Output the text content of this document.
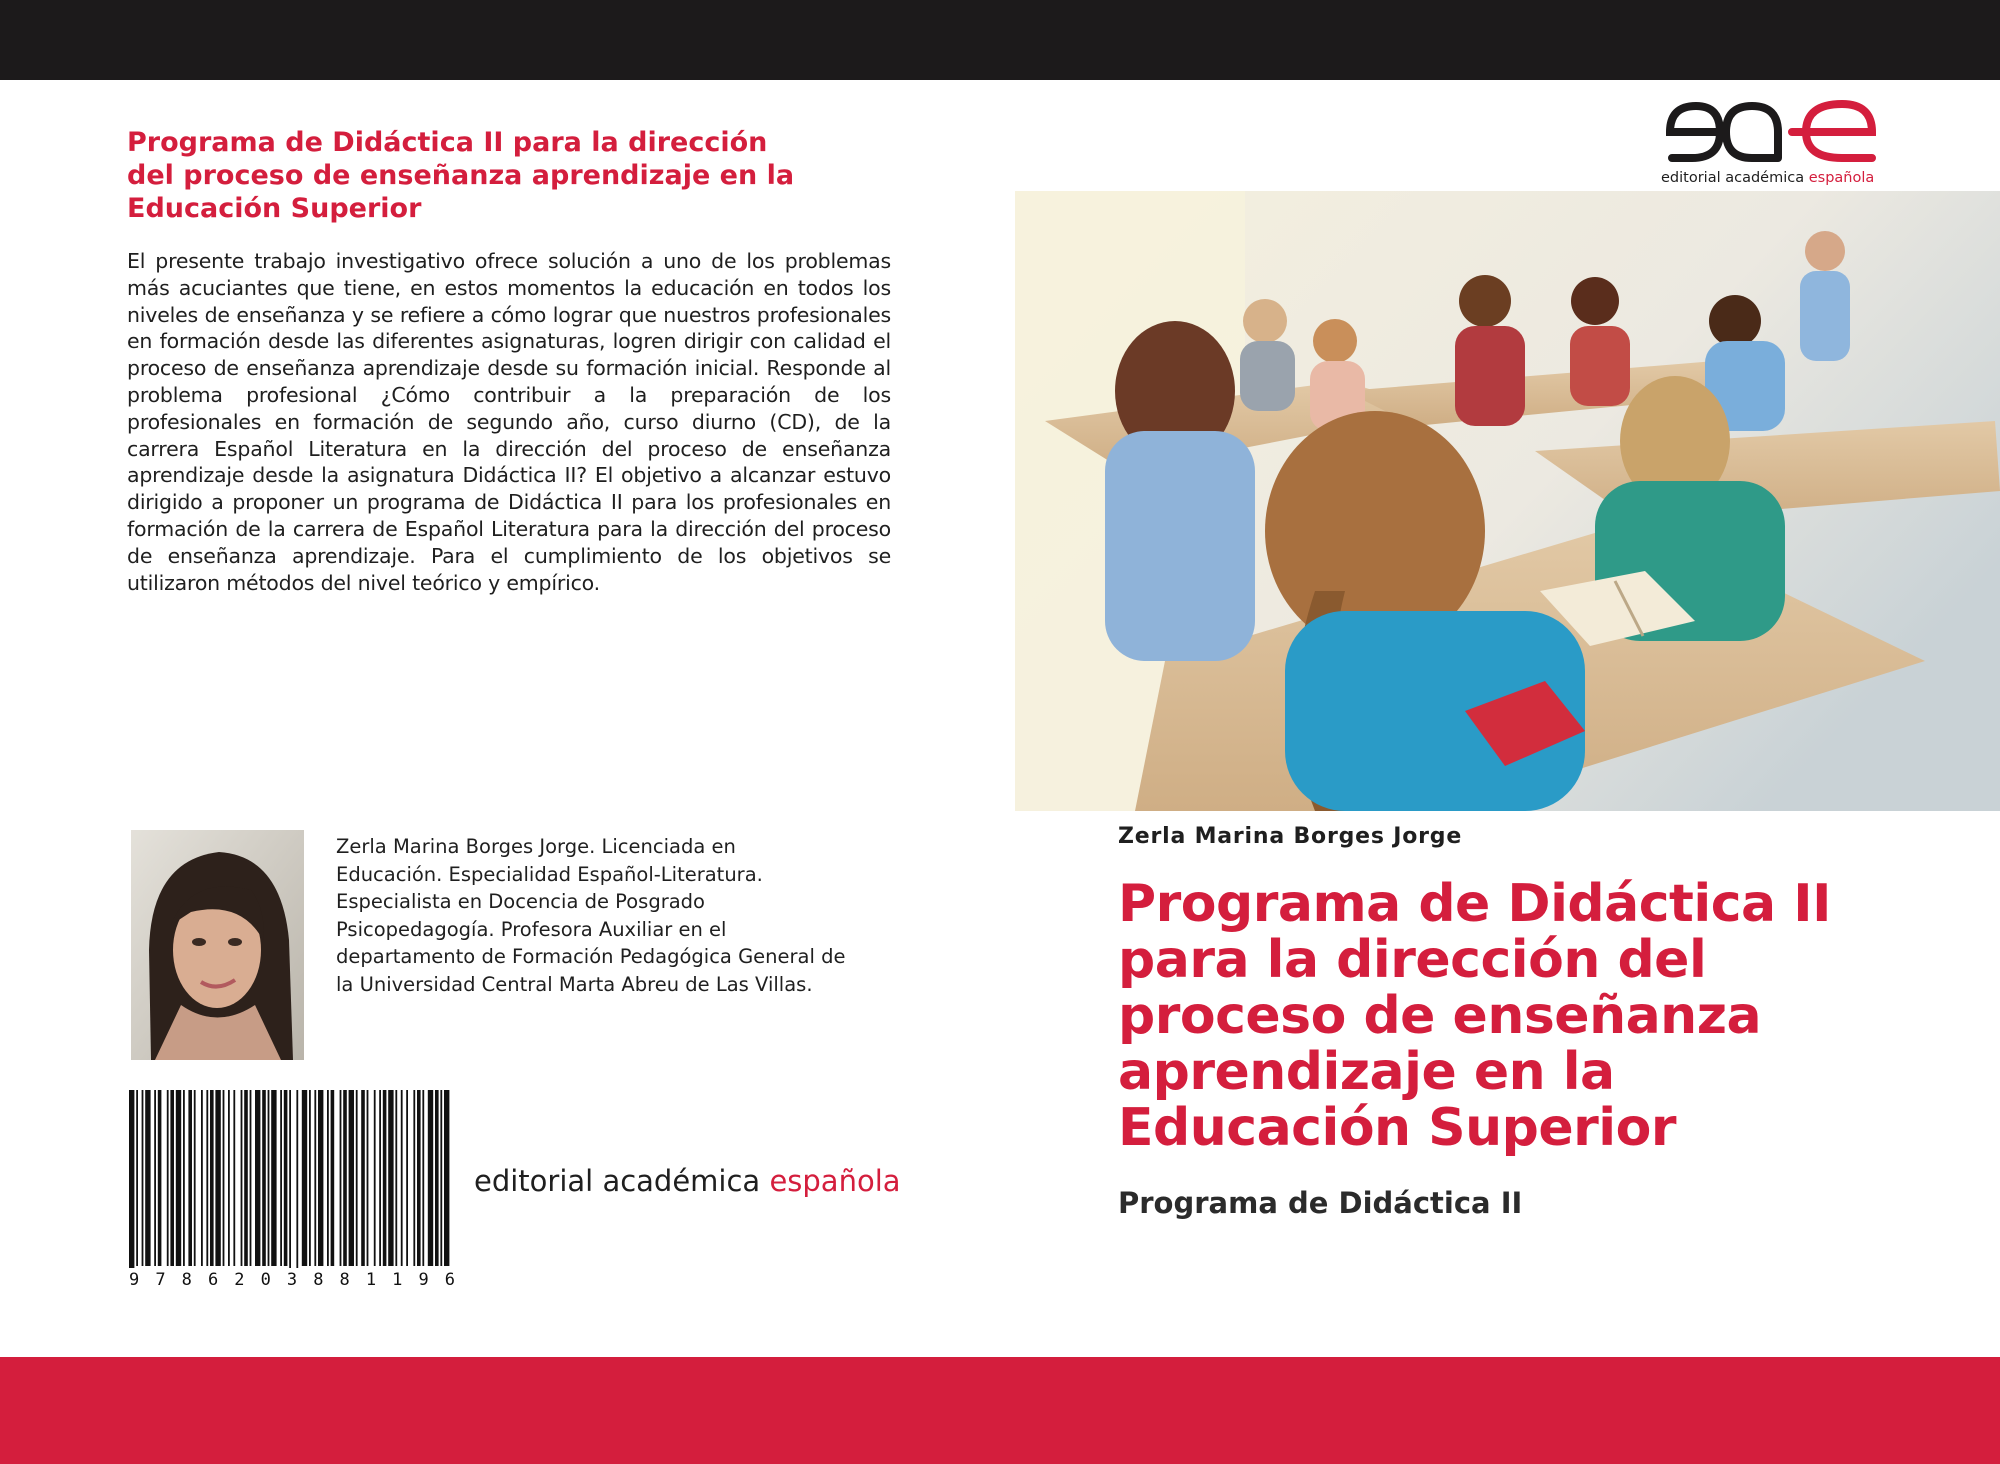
Programa de Didáctica II para la dirección
del proceso de enseñanza aprendizaje en la
Educación Superior

El presente trabajo investigativo ofrece solución a uno de los problemas más acuciantes que tiene, en estos momentos la educación en todos los niveles de enseñanza y se refiere a cómo lograr que nuestros profesionales en formación desde las diferentes asignaturas, logren dirigir con calidad el proceso de enseñanza aprendizaje desde su formación inicial. Responde al problema profesional ¿Cómo contribuir a la preparación de los profesionales en formación de segundo año, curso diurno (CD), de la carrera Español Literatura en la dirección del proceso de enseñanza aprendizaje desde la asignatura Didáctica II? El objetivo a alcanzar estuvo dirigido a proponer un programa de Didáctica II para los profesionales en formación de la carrera de Español Literatura para la dirección del proceso de enseñanza aprendizaje. Para el cumplimiento de los objetivos se utilizaron métodos del nivel teórico y empírico.

Zerla Marina Borges Jorge. Licenciada en
Educación. Especialidad Español-Literatura.
Especialista en Docencia de Posgrado
Psicopedagogía. Profesora Auxiliar en el
departamento de Formación Pedagógica General de
la Universidad Central Marta Abreu de Las Villas.
9 7 8 6 2 0 3 8 8 1 1 9 6
editorial académica española
editorial académica española
Zerla Marina Borges Jorge
Programa de Didáctica II
para la dirección del
proceso de enseñanza
aprendizaje en la
Educación Superior
Programa de Didáctica II
